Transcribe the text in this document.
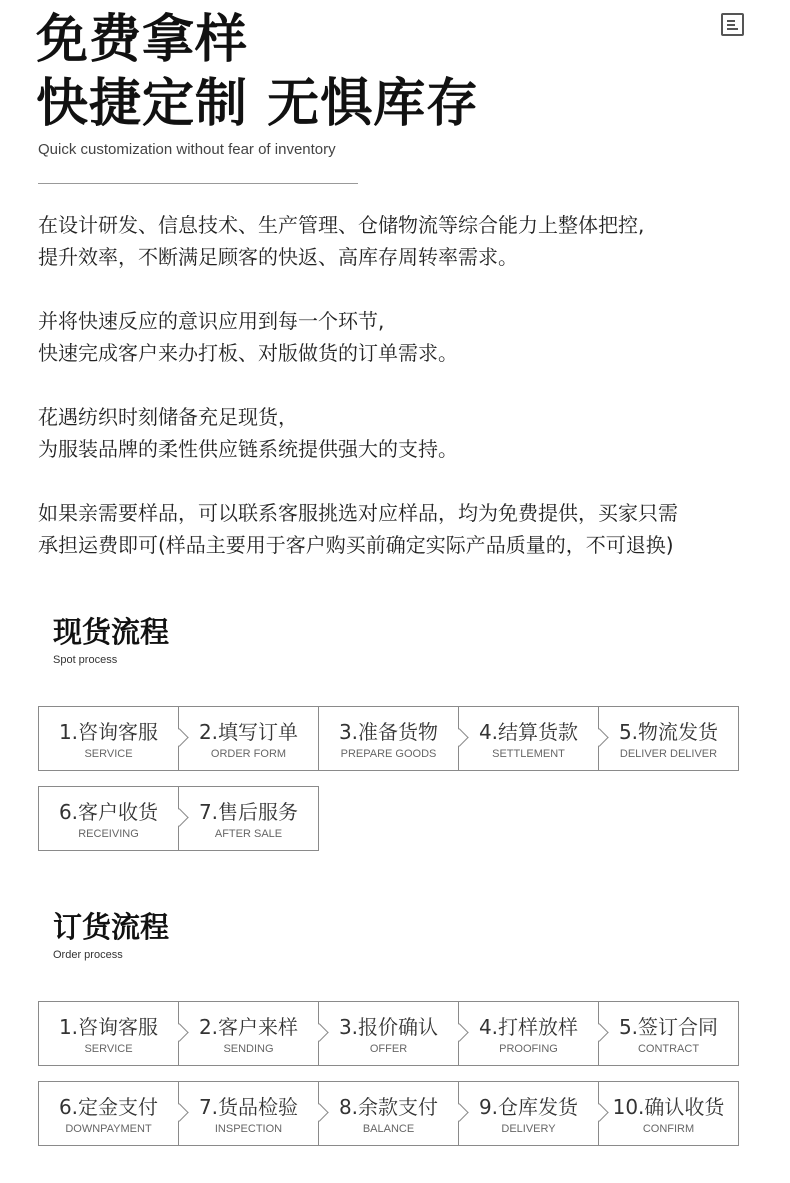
免费拿样
快捷定制 无惧库存
Quick customization without fear of inventory
在设计研发、信息技术、生产管理、仓储物流等综合能力上整体把控,
提升效率，不断满足顾客的快返、高库存周转率需求。
并将快速反应的意识应用到每一个环节,
快速完成客户来办打板、对版做货的订单需求。
花遇纺织时刻储备充足现货，
为服装品牌的柔性供应链系统提供强大的支持。
如果亲需要样品，可以联系客服挑选对应样品，均为免费提供，买家只需
承担运费即可(样品主要用于客户购买前确定实际产品质量的，不可退换)
现货流程
Spot process
1.咨询客服
SERVICE
2.填写订单
ORDER FORM
3.准备货物
PREPARE GOODS
4.结算货款
SETTLEMENT
5.物流发货
DELIVER DELIVER
6.客户收货
RECEIVING
7.售后服务
AFTER SALE
订货流程
Order process
1.咨询客服
SERVICE
2.客户来样
SENDING
3.报价确认
OFFER
4.打样放样
PROOFING
5.签订合同
CONTRACT
6.定金支付
DOWNPAYMENT
7.货品检验
INSPECTION
8.余款支付
BALANCE
9.仓库发货
DELIVERY
10.确认收货
CONFIRM
